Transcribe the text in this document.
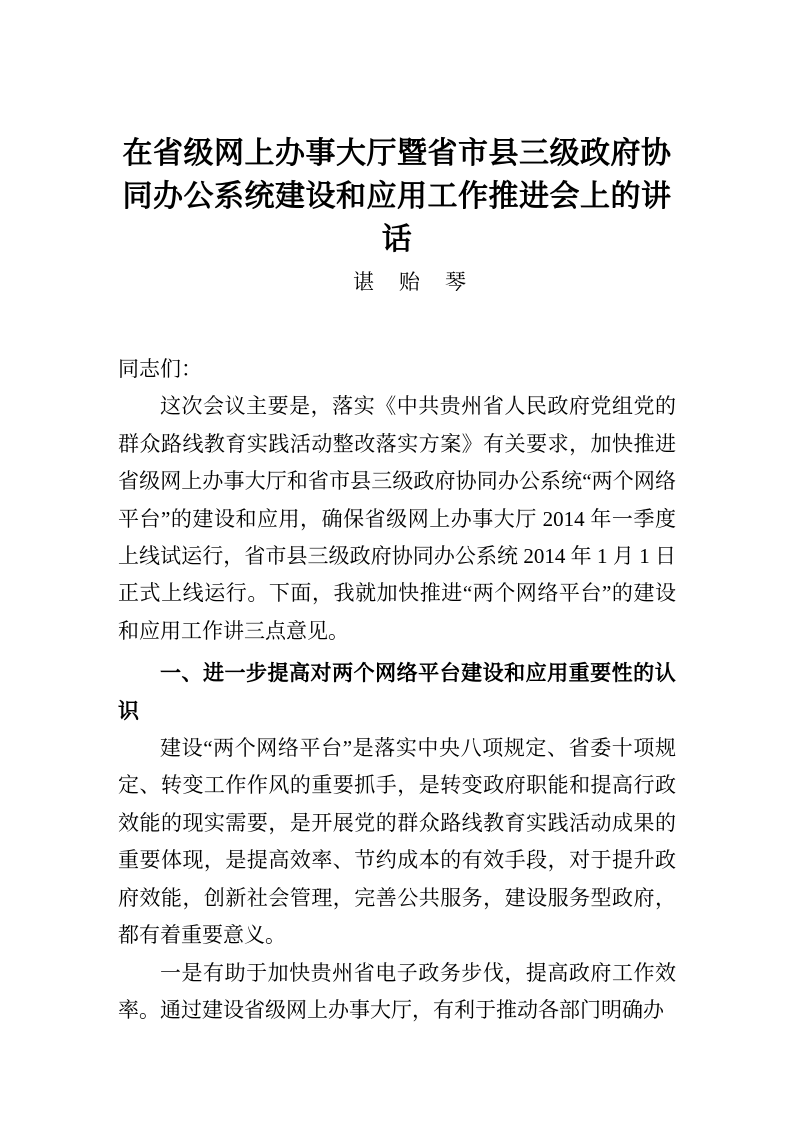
在省级网上办事大厅暨省市县三级政府协同办公系统建设和应用工作推进会上的讲话
谌贻琴

同志们：

这次会议主要是，落实《中共贵州省人民政府党组党的群众路线教育实践活动整改落实方案》有关要求，加快推进省级网上办事大厅和省市县三级政府协同办公系统“两个网络平台”的建设和应用，确保省级网上办事大厅 2014 年一季度上线试运行，省市县三级政府协同办公系统 2014 年 1 月 1 日正式上线运行。下面，我就加快推进“两个网络平台”的建设和应用工作讲三点意见。

一、进一步提高对两个网络平台建设和应用重要性的认识

建设“两个网络平台”是落实中央八项规定、省委十项规定、转变工作作风的重要抓手，是转变政府职能和提高行政效能的现实需要，是开展党的群众路线教育实践活动成果的重要体现，是提高效率、节约成本的有效手段，对于提升政府效能，创新社会管理，完善公共服务，建设服务型政府，都有着重要意义。

一是有助于加快贵州省电子政务步伐，提高政府工作效率。通过建设省级网上办事大厅，有利于推动各部门明确办
